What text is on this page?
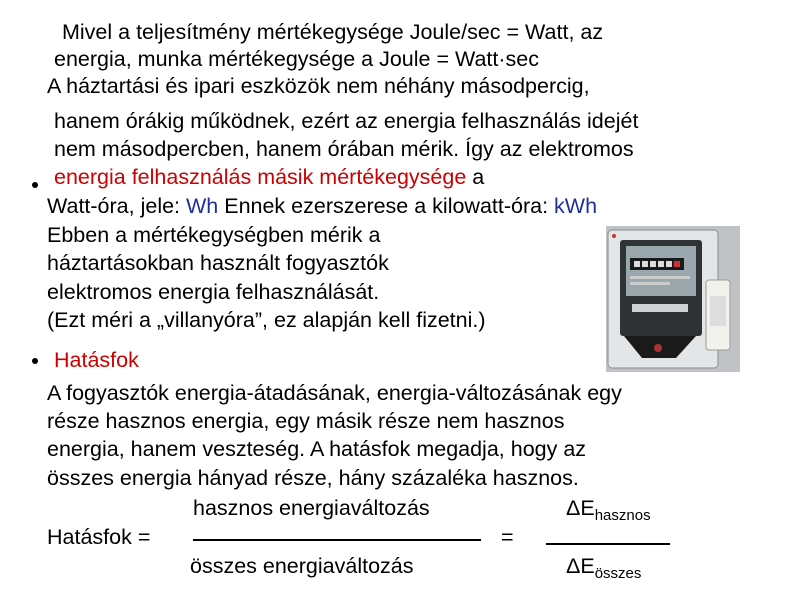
Mivel a teljesítmény mértékegysége Joule/sec = Watt, az
energia, munka mértékegysége a Joule = Watt·sec
A háztartási és ipari eszközök nem néhány másodpercig,
hanem órákig működnek, ezért az energia felhasználás idejét
nem másodpercben, hanem órában mérik. Így az elektromos
energia felhasználás másik mértékegysége a
Watt-óra, jele: Wh Ennek ezerszerese a kilowatt-óra: kWh
Ebben a mértékegységben mérik a
háztartásokban használt fogyasztók
elektromos energia felhasználását.
(Ezt méri a „villanyóra”, ez alapján kell fizetni.)
Hatásfok
A fogyasztók energia-átadásának, energia-változásának egy
része hasznos energia, egy másik része nem hasznos
energia, hanem veszteség. A hatásfok megadja, hogy az
összes energia hányad része, hány százaléka hasznos.
hasznos energiaváltozás	$\Delta E_{hasznos}$
Hatásfok =	=
összes energiaváltozás	$\Delta E_{összes}$
